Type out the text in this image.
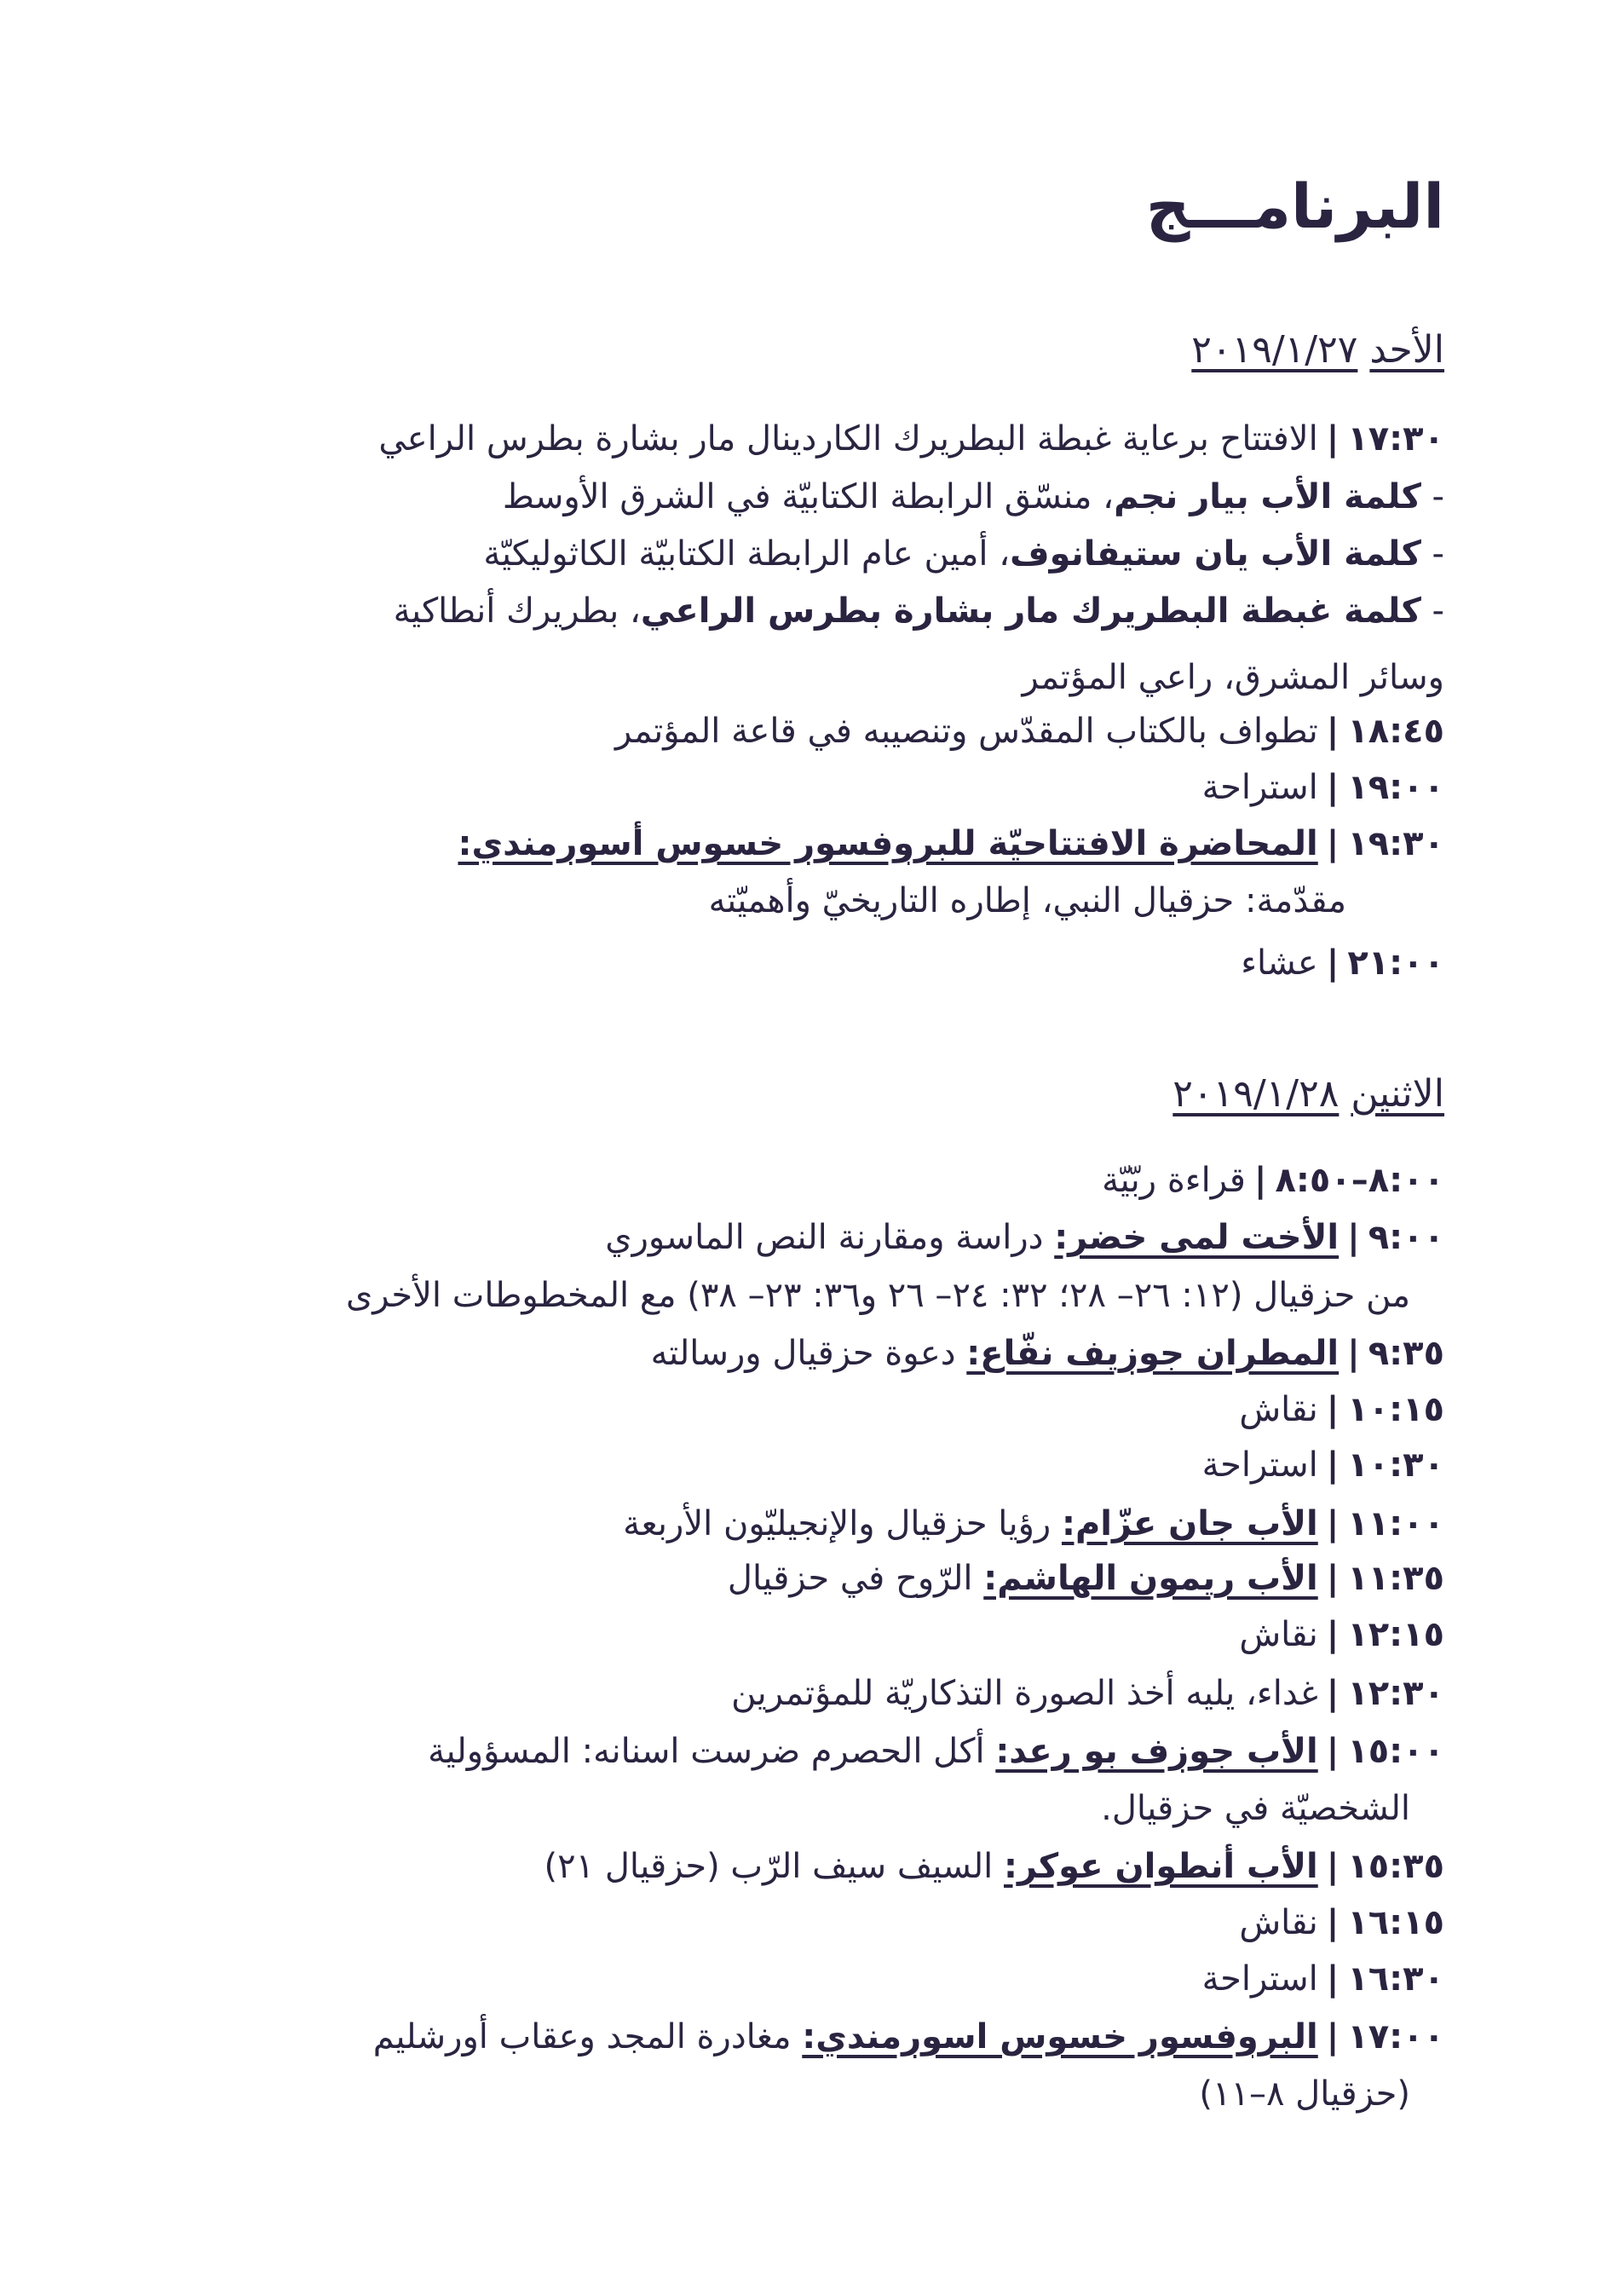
البرنامـــج
الأحد٢٠١٩/١/٢٧
١٧:٣٠|الافتتاح برعاية غبطة البطريرك الكاردينال مار بشارة بطرس الراعي
- كلمة الأب بيار نجم، منسّق الرابطة الكتابيّة في الشرق الأوسط
- كلمة الأب يان ستيفانوف، أمين عام الرابطة الكتابيّة الكاثوليكيّة
- كلمة غبطة البطريرك مار بشارة بطرس الراعي، بطريرك أنطاكية
وسائر المشرق، راعي المؤتمر
١٨:٤٥|تطواف بالكتاب المقدّس وتنصيبه في قاعة المؤتمر
١٩:٠٠|استراحة
١٩:٣٠|المحاضرة الافتتاحيّة للبروفسور خسوس أسورمندي:
مقدّمة: حزقيال النبي، إطاره التاريخيّ وأهميّته
٢١:٠٠|عشاء
الاثنين٢٠١٩/١/٢٨
٨:٠٠–٨:٥٠|قراءة ربّيّة
٩:٠٠|الأخت لمى خضر: دراسة ومقارنة النص الماسوري
من حزقيال (١٢: ٢٦– ٢٨؛ ٣٢: ٢٤– ٢٦ و٣٦: ٢٣– ٣٨) مع المخطوطات الأخرى
٩:٣٥|المطران جوزيف نفّاع: دعوة حزقيال ورسالته
١٠:١٥|نقاش
١٠:٣٠|استراحة
١١:٠٠|الأب جان عزّام: رؤيا حزقيال والإنجيليّون الأربعة
١١:٣٥|الأب ريمون الهاشم: الرّوح في حزقيال
١٢:١٥|نقاش
١٢:٣٠|غداء، يليه أخذ الصورة التذكاريّة للمؤتمرين
١٥:٠٠|الأب جوزف بو رعد: أكل الحصرم ضرست اسنانه: المسؤولية
الشخصيّة في حزقيال.
١٥:٣٥|الأب أنطوان عوكر: السيف سيف الرّب (حزقيال ٢١)
١٦:١٥|نقاش
١٦:٣٠|استراحة
١٧:٠٠|البروفسور خسوس اسورمندي: مغادرة المجد وعقاب أورشليم
(حزقيال ٨–١١)
